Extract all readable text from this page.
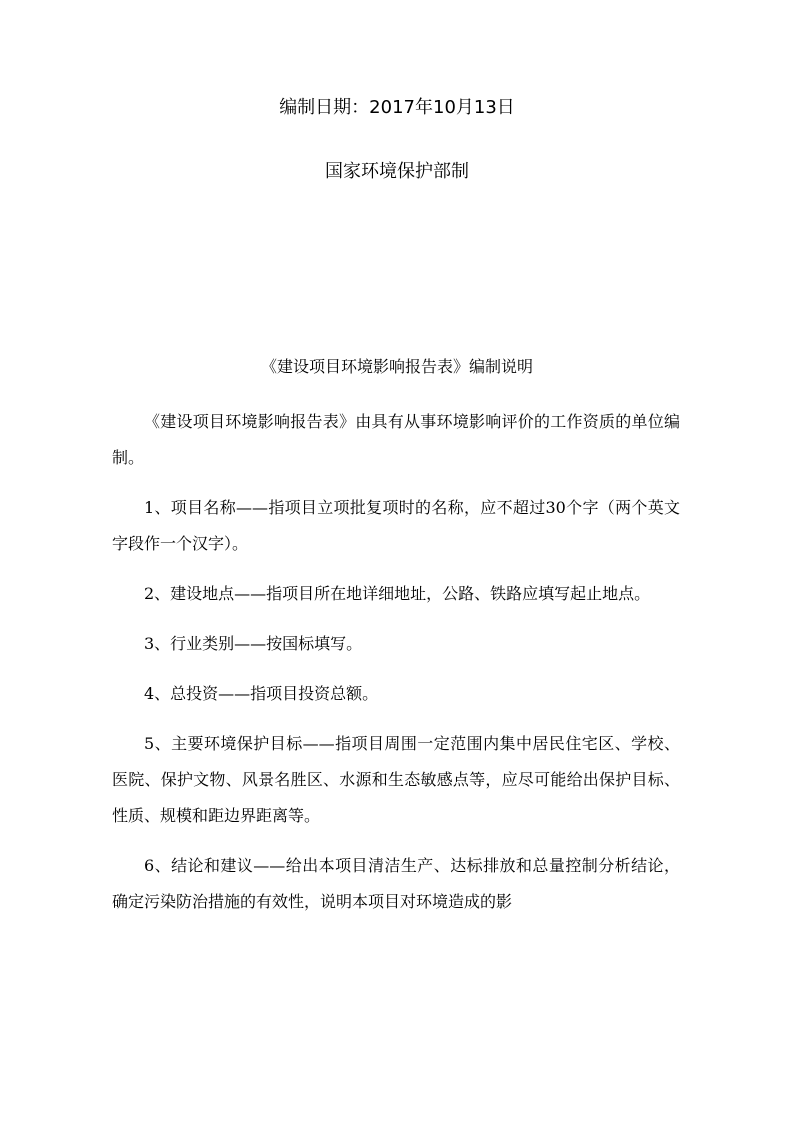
编制日期：2017年10月13日
国家环境保护部制
《建设项目环境影响报告表》编制说明

《建设项目环境影响报告表》由具有从事环境影响评价的工作资质的单位编制。

1、项目名称——指项目立项批复项时的名称，应不超过30个字（两个英文字段作一个汉字）。

2、建设地点——指项目所在地详细地址，公路、铁路应填写起止地点。

3、行业类别——按国标填写。

4、总投资——指项目投资总额。

5、主要环境保护目标——指项目周围一定范围内集中居民住宅区、学校、医院、保护文物、风景名胜区、水源和生态敏感点等，应尽可能给出保护目标、性质、规模和距边界距离等。

6、结论和建议——给出本项目清洁生产、达标排放和总量控制分析结论，确定污染防治措施的有效性，说明本项目对环境造成的影
